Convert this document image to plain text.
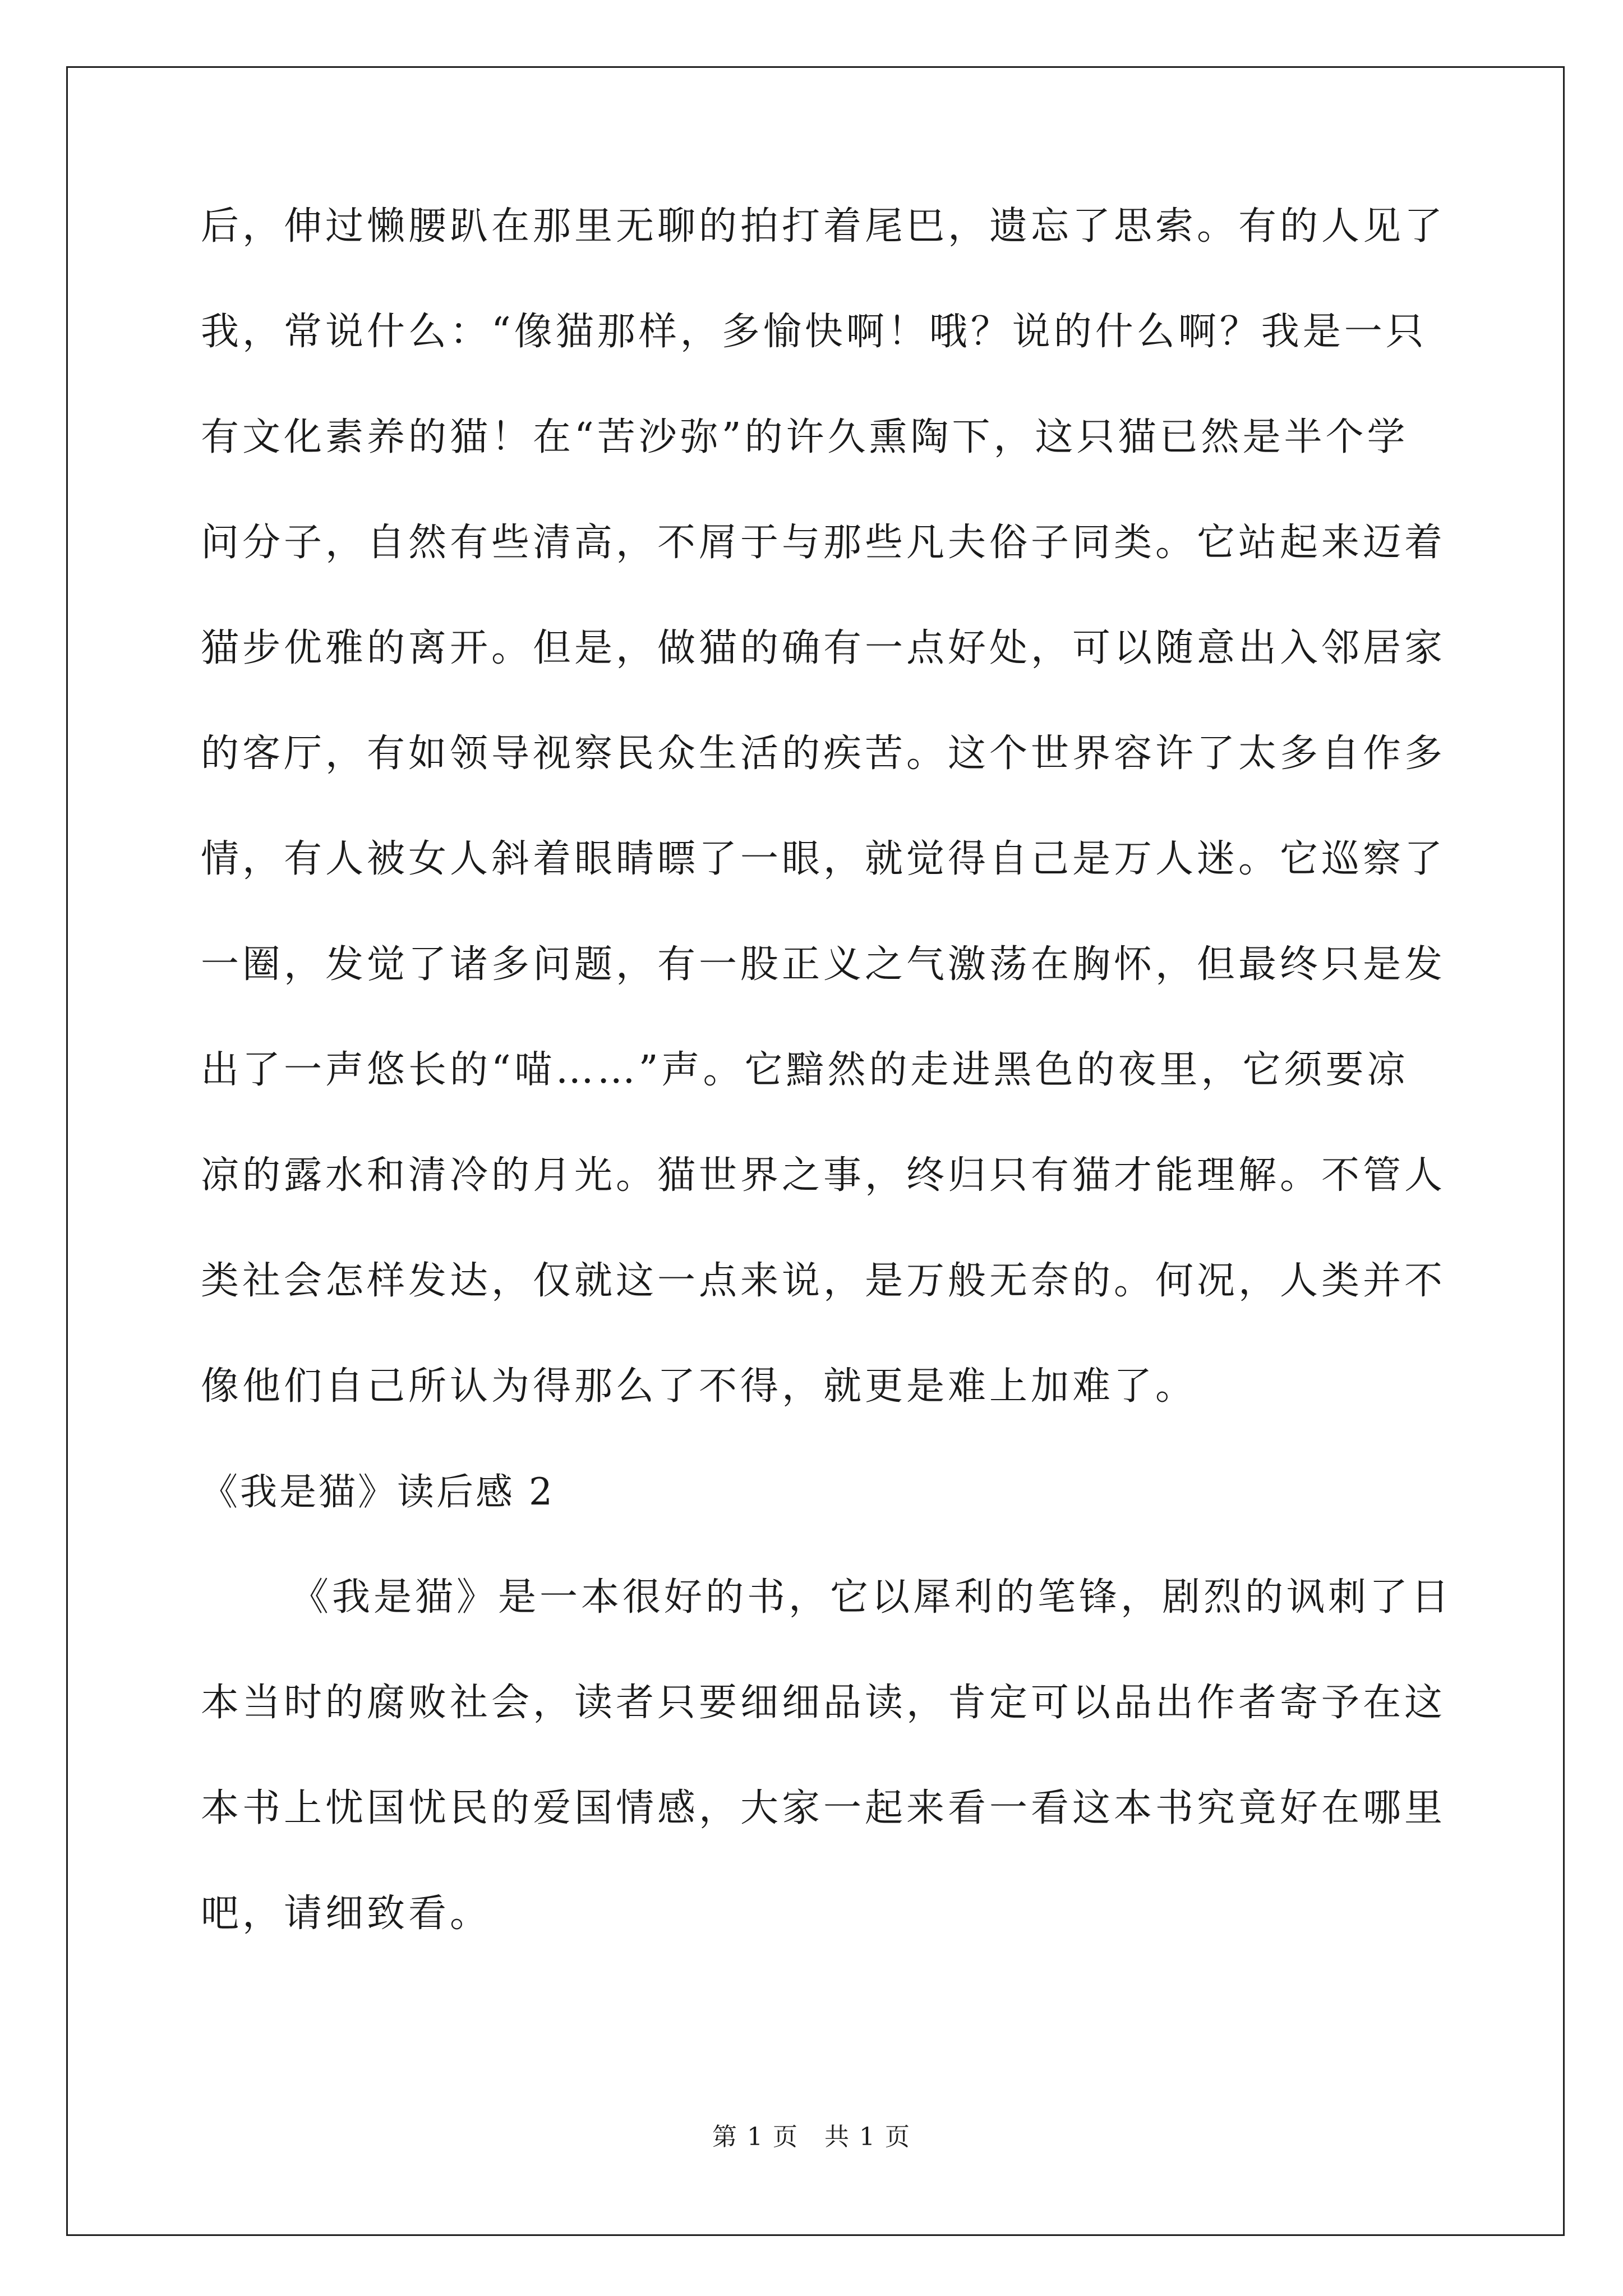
后，伸过懒腰趴在那里无聊的拍打着尾巴，遗忘了思索。有的人见了
我，常说什么：“像猫那样，多愉快啊！哦？说的什么啊？我是一只
有文化素养的猫！在“苦沙弥”的许久熏陶下，这只猫已然是半个学
问分子，自然有些清高，不屑于与那些凡夫俗子同类。它站起来迈着
猫步优雅的离开。但是，做猫的确有一点好处，可以随意出入邻居家
的客厅，有如领导视察民众生活的疾苦。这个世界容许了太多自作多
情，有人被女人斜着眼睛瞟了一眼，就觉得自己是万人迷。它巡察了
一圈，发觉了诸多问题，有一股正义之气激荡在胸怀，但最终只是发
出了一声悠长的“喵……”声。它黯然的走进黑色的夜里，它须要凉
凉的露水和清冷的月光。猫世界之事，终归只有猫才能理解。不管人
类社会怎样发达，仅就这一点来说，是万般无奈的。何况，人类并不
像他们自己所认为得那么了不得，就更是难上加难了。
《我是猫》读后感 2
《我是猫》是一本很好的书，它以犀利的笔锋，剧烈的讽刺了日
本当时的腐败社会，读者只要细细品读，肯定可以品出作者寄予在这
本书上忧国忧民的爱国情感，大家一起来看一看这本书究竟好在哪里
吧，请细致看。
第 1 页　共 1 页
